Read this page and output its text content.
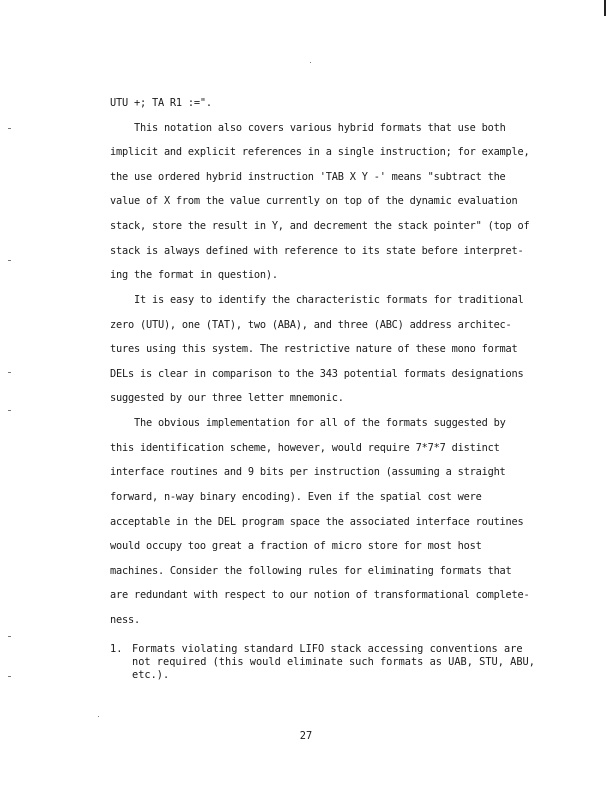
UTU +; TA R1 :=".
This notation also covers various hybrid formats that use both
implicit and explicit references in a single instruction; for example,
the use ordered hybrid instruction 'TAB X Y -' means "subtract the
value of X from the value currently on top of the dynamic evaluation
stack, store the result in Y, and decrement the stack pointer" (top of
stack is always defined with reference to its state before interpret-
ing the format in question).
It is easy to identify the characteristic formats for traditional
zero (UTU), one (TAT), two (ABA), and three (ABC) address architec-
tures using this system. The restrictive nature of these mono format
DELs is clear in comparison to the 343 potential formats designations
suggested by our three letter mnemonic.
The obvious implementation for all of the formats suggested by
this identification scheme, however, would require 7*7*7 distinct
interface routines and 9 bits per instruction (assuming a straight
forward, n-way binary encoding). Even if the spatial cost were
acceptable in the DEL program space the associated interface routines
would occupy too great a fraction of micro store for most host
machines. Consider the following rules for eliminating formats that
are redundant with respect to our notion of transformational complete-
ness.
1. Formats violating standard LIFO stack accessing conventions are
not required (this would eliminate such formats as UAB, STU, ABU,
etc.).
27
